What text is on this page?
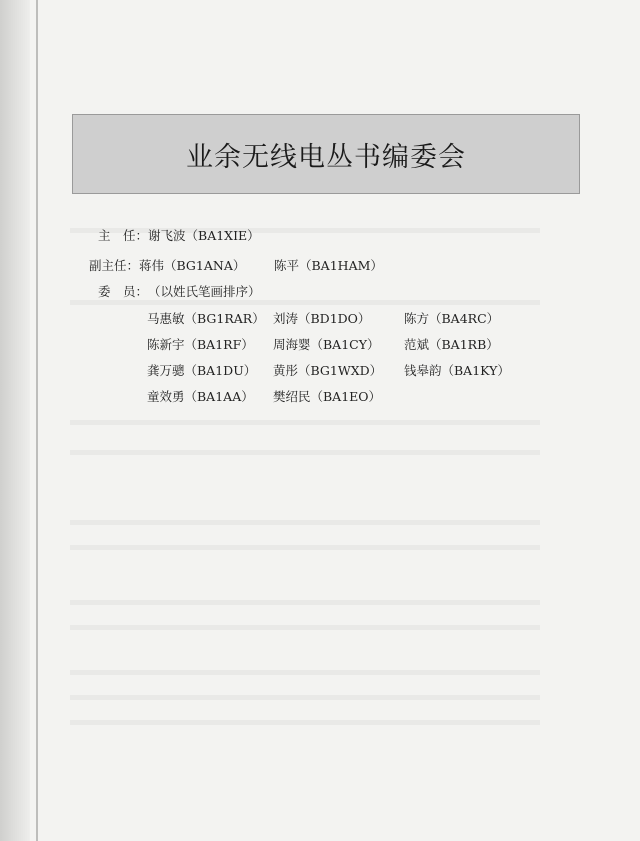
业余无线电丛书编委会
主　任：谢飞波（BA1XIE）
副主任：蒋伟（BG1ANA） 陈平（BA1HAM）
委　员：（以姓氏笔画排序）
马惠敏（BG1RAR） 刘涛（BD1DO）	陈方（BA4RC）
陈新宇（BA1RF） 周海婴（BA1CY） 范斌（BA1RB）
龚万骢（BA1DU） 黄彤（BG1WXD） 钱皋韵（BA1KY）
童效勇（BA1AA） 樊绍民（BA1EO）
